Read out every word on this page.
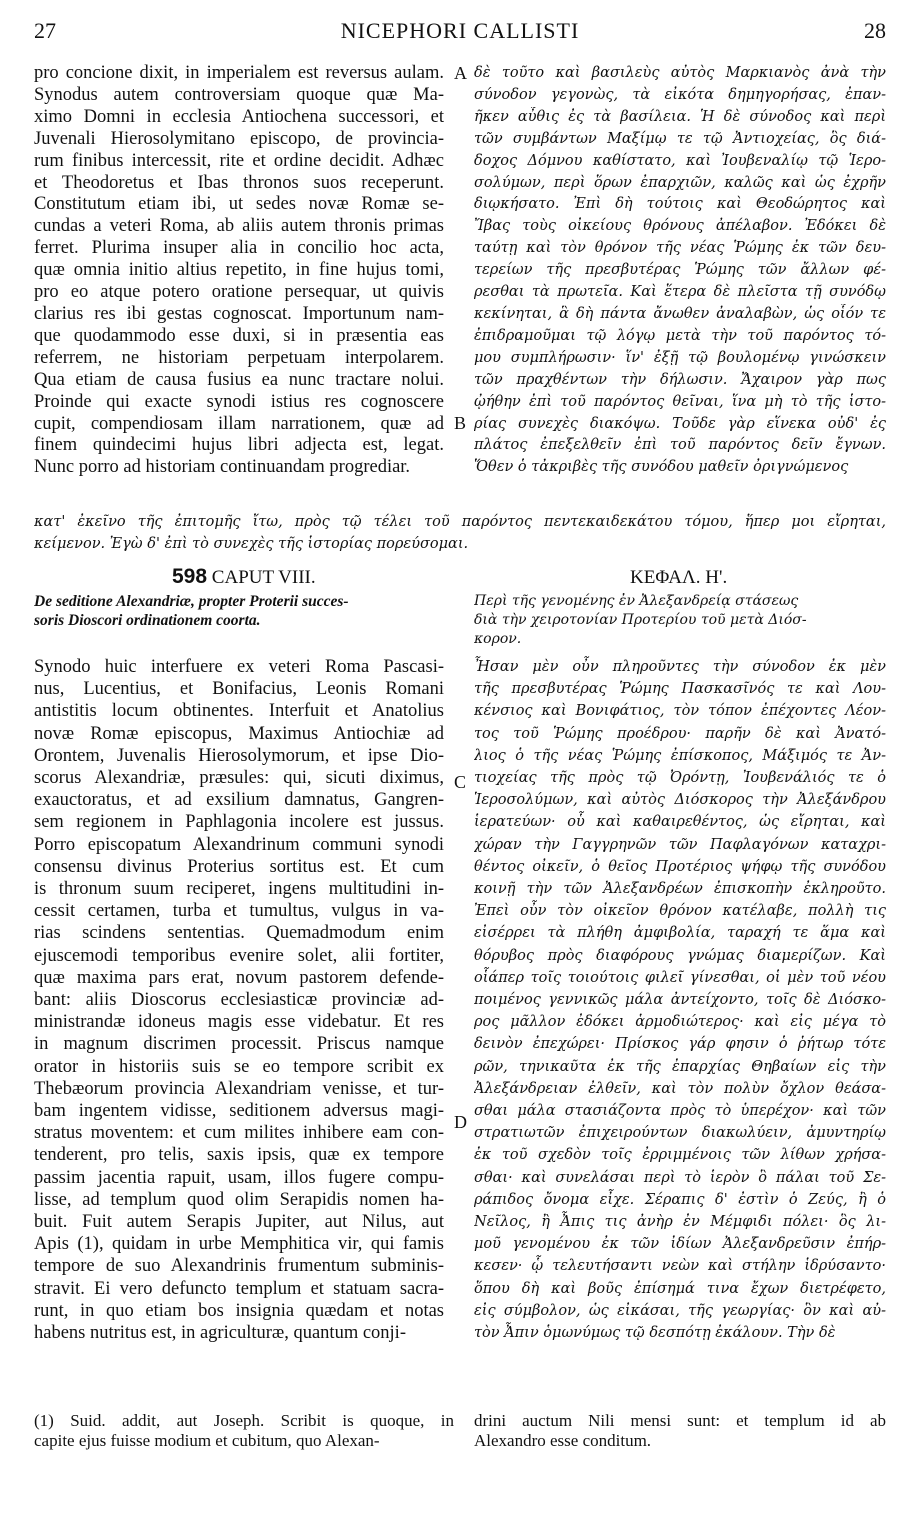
NICEPHORI CALLISTI
27	28
pro concione dixit, in imperialem est reversus aulam.
Synodus autem controversiam quoque quæ Ma-
ximo Domni in ecclesia Antiochena successori, et
Juvenali Hierosolymitano episcopo, de provincia-
rum finibus intercessit, rite et ordine decidit. Adhæc
et Theodoretus et Ibas thronos suos receperunt.
Constitutum etiam ibi, ut sedes novæ Romæ se-
cundas a veteri Roma, ab aliis autem thronis primas
ferret. Plurima insuper alia in concilio hoc acta,
quæ omnia initio altius repetito, in fine hujus tomi,
pro eo atque potero oratione persequar, ut quivis
clarius res ibi gestas cognoscat. Importunum nam-
que quodammodo esse duxi, si in præsentia eas
referrem, ne historiam perpetuam interpolarem.
Qua etiam de causa fusius ea nunc tractare nolui.
Proinde qui exacte synodi istius res cognoscere
cupit, compendiosam illam narrationem, quæ ad
finem quindecimi hujus libri adjecta est, legat.
Nunc porro ad historiam continuandam progrediar.
δὲ τοῦτο καὶ βασιλεὺς αὐτὸς Μαρκιανὸς ἀνὰ τὴν
σύνοδον γεγονὼς, τὰ εἰκότα δημηγορήσας, ἐπαν-
ῆκεν αὖθις ἐς τὰ βασίλεια. Ἡ δὲ σύνοδος καὶ περὶ
τῶν συμβάντων Μαξίμῳ τε τῷ Ἀντιοχείας, ὃς διά-
δοχος Δόμνου καθίστατο, καὶ Ἰουβεναλίῳ τῷ Ἱερο-
σολύμων, περὶ ὅρων ἐπαρχιῶν, καλῶς καὶ ὡς ἐχρῆν
διῳκήσατο. Ἐπὶ δὴ τούτοις καὶ Θεοδώρητος καὶ
Ἴβας τοὺς οἰκείους θρόνους ἀπέλαβον. Ἐδόκει δὲ
ταύτῃ καὶ τὸν θρόνον τῆς νέας Ῥώμης ἐκ τῶν δευ-
τερείων τῆς πρεσβυτέρας Ῥώμης τῶν ἄλλων φέ-
ρεσθαι τὰ πρωτεῖα. Καὶ ἕτερα δὲ πλεῖστα τῇ συνόδῳ
κεκίνηται, ἃ δὴ πάντα ἄνωθεν ἀναλαβὼν, ὡς οἷόν τε
ἐπιδραμοῦμαι τῷ λόγῳ μετὰ τὴν τοῦ παρόντος τό-
μου συμπλήρωσιν· ἵν' ἐξῇ τῷ βουλομένῳ γινώσκειν
τῶν πραχθέντων τὴν δήλωσιν. Ἄχαιρον γὰρ πως
ᾠήθην ἐπὶ τοῦ παρόντος θεῖναι, ἵνα μὴ τὸ τῆς ἱστο-
ρίας συνεχὲς διακόψω. Τοῦδε γὰρ εἵνεκα οὐδ' ἐς
πλάτος ἐπεξελθεῖν ἐπὶ τοῦ παρόντος δεῖν ἔγνων.
Ὅθεν ὁ τἀκριβὲς τῆς συνόδου μαθεῖν ὀριγνώμενος
κατ' ἐκεῖνο τῆς ἐπιτομῆς ἴτω, πρὸς τῷ τέλει τοῦ παρόντος πεντεκαιδεκάτου τόμου, ἥπερ μοι εἴρηται,
κείμενον. Ἐγὼ δ' ἐπὶ τὸ συνεχὲς τῆς ἱστορίας πορεύσομαι.
A
B
598 CAPUT VIII.	ΚΕΦΑΛ. Η'.
De seditione Alexandriæ, propter Proterii succes-
soris Dioscori ordinationem coorta.
Περὶ τῆς γενομένης ἐν Ἀλεξανδρείᾳ στάσεως
διὰ τὴν χειροτονίαν Προτερίου τοῦ μετὰ Διόσ-
κορον.
Synodo huic interfuere ex veteri Roma Pascasi-
nus, Lucentius, et Bonifacius, Leonis Romani
antistitis locum obtinentes. Interfuit et Anatolius
novæ Romæ episcopus, Maximus Antiochiæ ad
Orontem, Juvenalis Hierosolymorum, et ipse Dio-
scorus Alexandriæ, præsules: qui, sicuti diximus,
exauctoratus, et ad exsilium damnatus, Gangren-
sem regionem in Paphlagonia incolere est jussus.
Porro episcopatum Alexandrinum communi synodi
consensu divinus Proterius sortitus est. Et cum
is thronum suum reciperet, ingens multitudini in-
cessit certamen, turba et tumultus, vulgus in va-
rias scindens sententias. Quemadmodum enim
ejuscemodi temporibus evenire solet, alii fortiter,
quæ maxima pars erat, novum pastorem defende-
bant: aliis Dioscorus ecclesiasticæ provinciæ ad-
ministrandæ idoneus magis esse videbatur. Et res
in magnum discrimen processit. Priscus namque
orator in historiis suis se eo tempore scribit ex
Thebæorum provincia Alexandriam venisse, et tur-
bam ingentem vidisse, seditionem adversus magi-
stratus moventem: et cum milites inhibere eam con-
tenderent, pro telis, saxis ipsis, quæ ex tempore
passim jacentia rapuit, usam, illos fugere compu-
lisse, ad templum quod olim Serapidis nomen ha-
buit. Fuit autem Serapis Jupiter, aut Nilus, aut
Apis (1), quidam in urbe Memphitica vir, qui famis
tempore de suo Alexandrinis frumentum subminis-
stravit. Ei vero defuncto templum et statuam sacra-
runt, in quo etiam bos insignia quædam et notas
habens nutritus est, in agriculturæ, quantum conji-
Ἦσαν μὲν οὖν πληροῦντες τὴν σύνοδον ἐκ μὲν
τῆς πρεσβυτέρας Ῥώμης Πασκασῖνός τε καὶ Λου-
κένσιος καὶ Βονιφάτιος, τὸν τόπον ἐπέχοντες Λέον-
τος τοῦ Ῥώμης προέδρου· παρῆν δὲ καὶ Ἀνατό-
λιος ὁ τῆς νέας Ῥώμης ἐπίσκοπος, Μάξιμός τε Ἀν-
τιοχείας τῆς πρὸς τῷ Ὀρόντῃ, Ἰουβενάλιός τε ὁ
Ἱεροσολύμων, καὶ αὐτὸς Διόσκορος τὴν Ἀλεξάνδρου
ἱερατεύων· οὗ καὶ καθαιρεθέντος, ὡς εἴρηται, καὶ
χώραν τὴν Γαγγρηνῶν τῶν Παφλαγόνων καταχρι-
θέντος οἰκεῖν, ὁ θεῖος Προτέριος ψήφῳ τῆς συνόδου
κοινῇ τὴν τῶν Ἀλεξανδρέων ἐπισκοπὴν ἐκληροῦτο.
Ἐπεὶ οὖν τὸν οἰκεῖον θρόνον κατέλαβε, πολλὴ τις
εἰσέρρει τὰ πλήθη ἀμφιβολία, ταραχή τε ἅμα καὶ
θόρυβος πρὸς διαφόρους γνώμας διαμερίζων. Καὶ
οἷάπερ τοῖς τοιούτοις φιλεῖ γίνεσθαι, οἱ μὲν τοῦ νέου
ποιμένος γεννικῶς μάλα ἀντείχοντο, τοῖς δὲ Διόσκο-
ρος μᾶλλον ἐδόκει ἁρμοδιώτερος· καὶ εἰς μέγα τὸ
δεινὸν ἐπεχώρει· Πρίσκος γάρ φησιν ὁ ῥήτωρ τότε
ρῶν, τηνικαῦτα ἐκ τῆς ἐπαρχίας Θηβαίων εἰς τὴν
Ἀλεξάνδρειαν ἐλθεῖν, καὶ τὸν πολὺν ὄχλον θεάσα-
σθαι μάλα στασιάζοντα πρὸς τὸ ὑπερέχον· καὶ τῶν
στρατιωτῶν ἐπιχειρούντων διακωλύειν, ἀμυντηρίῳ
ἐκ τοῦ σχεδὸν τοῖς ἐρριμμένοις τῶν λίθων χρήσα-
σθαι· καὶ συνελάσαι περὶ τὸ ἱερὸν ὃ πάλαι τοῦ Σε-
ράπιδος ὄνομα εἶχε. Σέραπις δ' ἐστὶν ὁ Ζεύς, ἢ ὁ
Νεῖλος, ἢ Ἆπις τις ἀνὴρ ἐν Μέμφιδι πόλει· ὃς λι-
μοῦ γενομένου ἐκ τῶν ἰδίων Ἀλεξανδρεῦσιν ἐπήρ-
κεσεν· ᾧ τελευτήσαντι νεὼν καὶ στήλην ἱδρύσαντο·
ὅπου δὴ καὶ βοῦς ἐπίσημά τινα ἔχων διετρέφετο,
εἰς σύμβολον, ὡς εἰκάσαι, τῆς γεωργίας· ὃν καὶ αὐ-
τὸν Ἆπιν ὁμωνύμως τῷ δεσπότῃ ἐκάλουν. Τὴν δὲ
C
D
(1) Suid. addit, aut Joseph. Scribit is quoque, in
capite ejus fuisse modium et cubitum, quo Alexan-
drini auctum Nili mensi sunt: et templum id ab
Alexandro esse conditum.
